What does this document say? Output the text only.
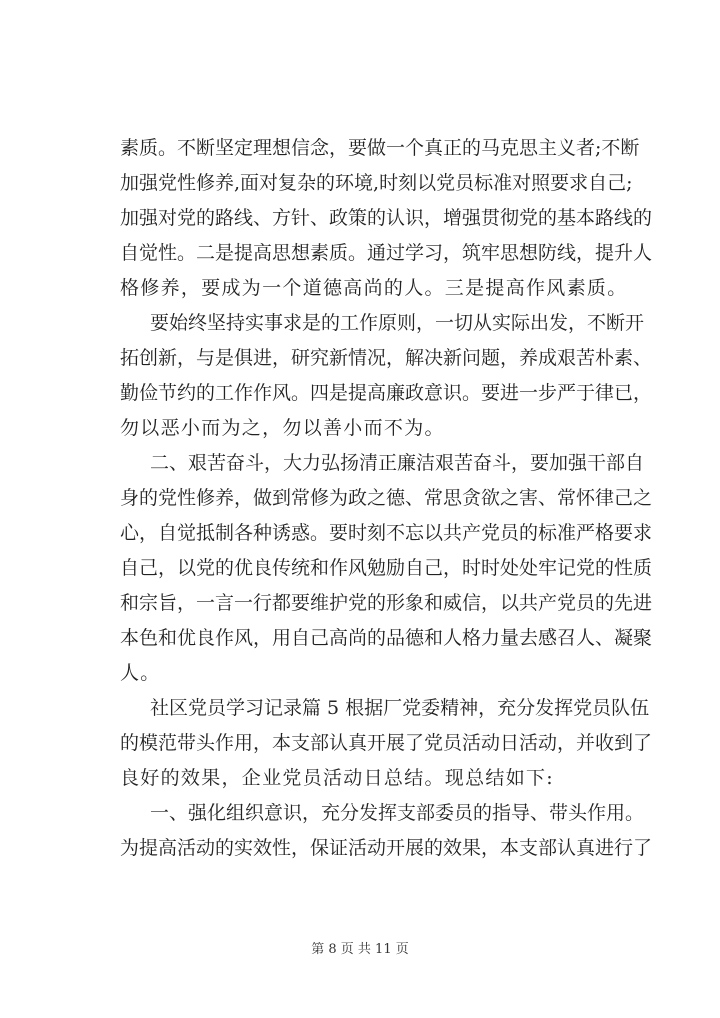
素质。不断坚定理想信念，要做一个真正的马克思主义者;不断
加强党性修养,面对复杂的环境,时刻以党员标准对照要求自己;
加强对党的路线、方针、政策的认识，增强贯彻党的基本路线的
自觉性。二是提高思想素质。通过学习，筑牢思想防线，提升人
格修养，要成为一个道德高尚的人。三是提高作风素质。
要始终坚持实事求是的工作原则，一切从实际出发，不断开
拓创新，与是俱进，研究新情况，解决新问题，养成艰苦朴素、
勤俭节约的工作作风。四是提高廉政意识。要进一步严于律已，
勿以恶小而为之，勿以善小而不为。
二、艰苦奋斗，大力弘扬清正廉洁艰苦奋斗，要加强干部自
身的党性修养，做到常修为政之德、常思贪欲之害、常怀律己之
心，自觉抵制各种诱惑。要时刻不忘以共产党员的标准严格要求
自己，以党的优良传统和作风勉励自己，时时处处牢记党的性质
和宗旨，一言一行都要维护党的形象和威信，以共产党员的先进
本色和优良作风，用自己高尚的品德和人格力量去感召人、凝聚
人。
社区党员学习记录篇 5 根据厂党委精神，充分发挥党员队伍
的模范带头作用，本支部认真开展了党员活动日活动，并收到了
良好的效果，企业党员活动日总结。现总结如下:
一、强化组织意识，充分发挥支部委员的指导、带头作用。
为提高活动的实效性，保证活动开展的效果，本支部认真进行了
第 8 页 共 11 页
